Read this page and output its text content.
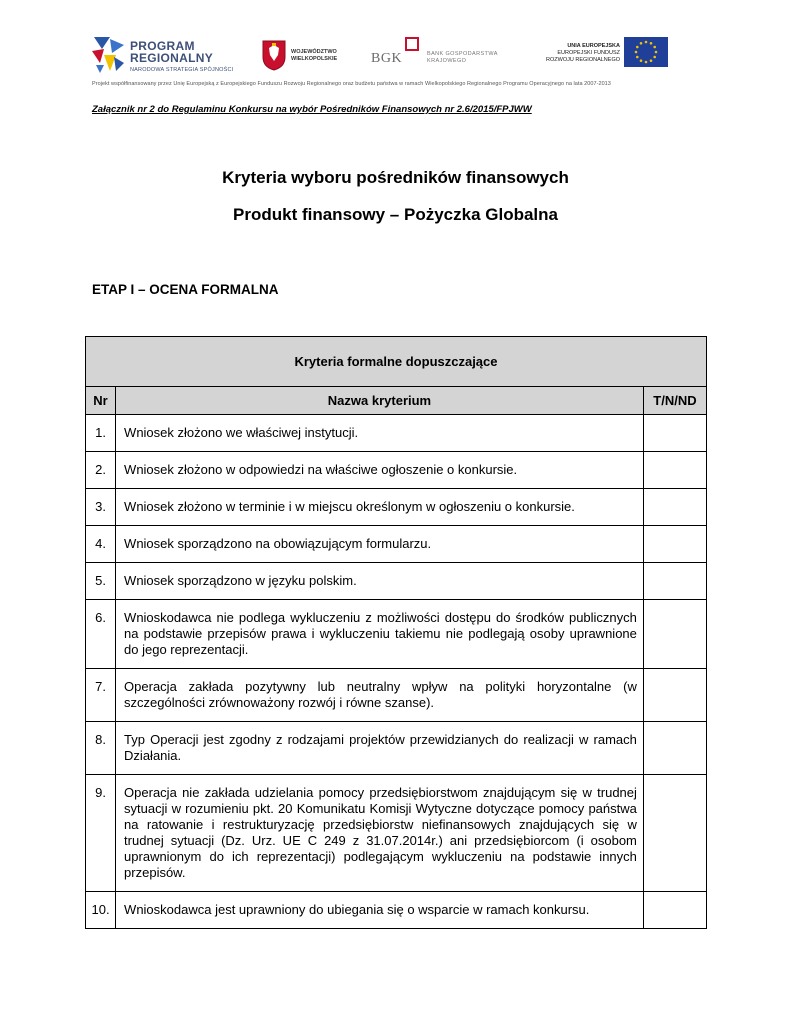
PROGRAM
REGIONALNY
NARODOWA STRATEGIA SPÓJNOŚCI
WOJEWÓDZTWO
WIELKOPOLSKIE BGK	BANK GOSPODARSTWA
KRAJOWEGO
UNIA EUROPEJSKA
EUROPEJSKI FUNDUSZ
ROZWOJU REGIONALNEGO
Projekt współfinansowany przez Unię Europejską z Europejskiego Funduszu Rozwoju Regionalnego oraz budżetu państwa w ramach Wielkopolskiego Regionalnego Programu Operacyjnego na lata 2007-2013
Załącznik nr 2 do Regulaminu Konkursu na wybór Pośredników Finansowych nr 2.6/2015/FPJWW
Kryteria wyboru pośredników finansowych
Produkt finansowy – Pożyczka Globalna
ETAP I – OCENA FORMALNA
Kryteria formalne dopuszczające		
Nr	Nazwa kryterium	T/N/ND
1.	Wniosek złożono we właściwej instytucji.	
2.	Wniosek złożono w odpowiedzi na właściwe ogłoszenie o konkursie.	
3.	Wniosek złożono w terminie i w miejscu określonym w ogłoszeniu o konkursie.	
4.	Wniosek sporządzono na obowiązującym formularzu.	
5.	Wniosek sporządzono w języku polskim.	
6.	Wnioskodawca nie podlega wykluczeniu z możliwości dostępu do środków publicznych na podstawie przepisów prawa i wykluczeniu takiemu nie podlegają osoby uprawnione do jego reprezentacji.	
7.	Operacja zakłada pozytywny lub neutralny wpływ na polityki horyzontalne (w szczególności zrównoważony rozwój i równe szanse).	
8.	Typ Operacji jest zgodny z rodzajami projektów przewidzianych do realizacji w ramach Działania.	
9.	Operacja nie zakłada udzielania pomocy przedsiębiorstwom znajdującym się w trudnej sytuacji w rozumieniu pkt. 20 Komunikatu Komisji Wytyczne dotyczące pomocy państwa na ratowanie i restrukturyzację przedsiębiorstw niefinansowych znajdujących się w trudnej sytuacji (Dz. Urz. UE C 249 z 31.07.2014r.) ani przedsiębiorcom (i osobom uprawnionym do ich reprezentacji) podlegającym wykluczeniu na podstawie innych przepisów.	
10.	Wnioskodawca jest uprawniony do ubiegania się o wsparcie w ramach konkursu.	
